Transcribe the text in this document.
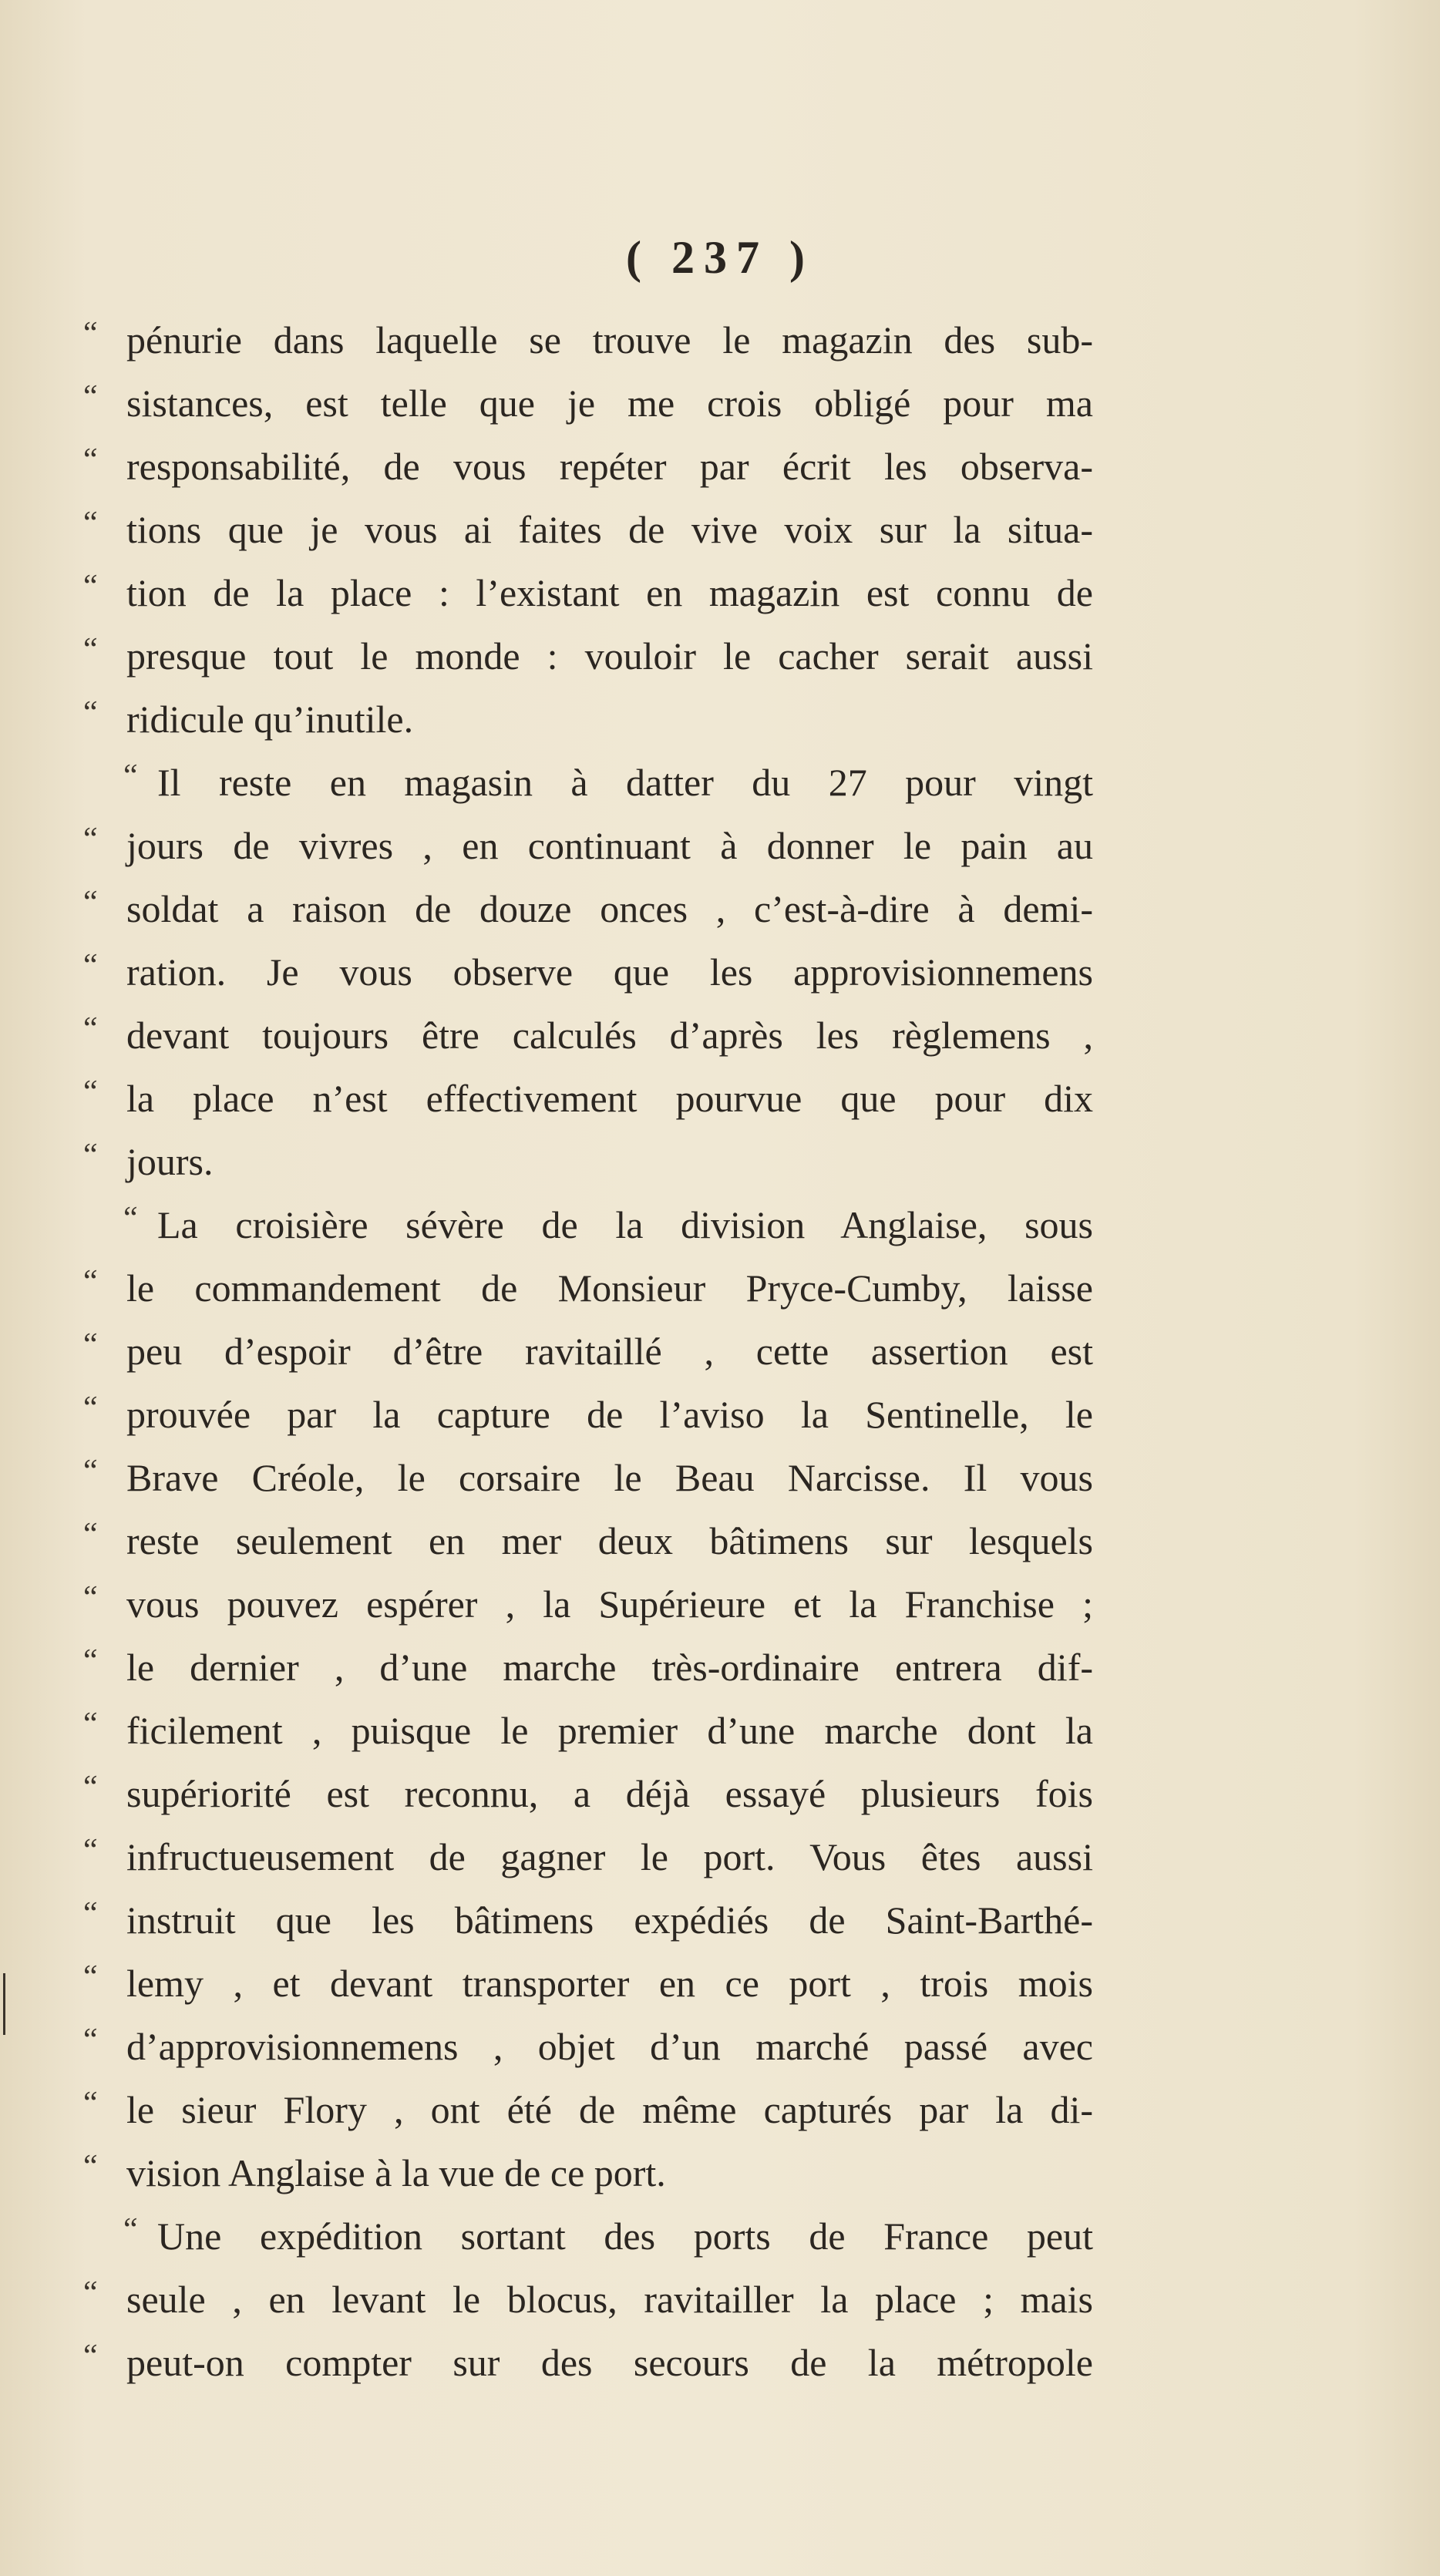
( 237 )
“ pénurie dans laquelle se trouve le magazin des sub-
“ sistances, est telle que je me crois obligé pour ma
“ responsabilité, de vous repéter par écrit les observa-
“ tions que je vous ai faites de vive voix sur la situa-
“ tion de la place : l’existant en magazin est connu de
“ presque tout le monde : vouloir le cacher serait aussi
“ ridicule qu’inutile.
“ Il reste en magasin à datter du 27 pour vingt
“ jours de vivres , en continuant à donner le pain au
“ soldat a raison de douze onces , c’est-à-dire à demi-
“ ration. Je vous observe que les approvisionnemens
“ devant toujours être calculés d’après les règlemens ,
“ la place n’est effectivement pourvue que pour dix
“ jours.
“ La croisière sévère de la division Anglaise, sous
“ le commandement de Monsieur Pryce-Cumby, laisse
“ peu d’espoir d’être ravitaillé , cette assertion est
“ prouvée par la capture de l’aviso la Sentinelle, le
“ Brave Créole, le corsaire le Beau Narcisse. Il vous
“ reste seulement en mer deux bâtimens sur lesquels
“ vous pouvez espérer , la Supérieure et la Franchise ;
“ le dernier , d’une marche très-ordinaire entrera dif-
“ ficilement , puisque le premier d’une marche dont la
“ supériorité est reconnu, a déjà essayé plusieurs fois
“ infructueusement de gagner le port. Vous êtes aussi
“ instruit que les bâtimens expédiés de Saint-Barthé-
“ lemy , et devant transporter en ce port , trois mois
“ d’approvisionnemens , objet d’un marché passé avec
“ le sieur Flory , ont été de même capturés par la di-
“ vision Anglaise à la vue de ce port.
“ Une expédition sortant des ports de France peut
“ seule , en levant le blocus, ravitailler la place ; mais
“ peut-on compter sur des secours de la métropole
